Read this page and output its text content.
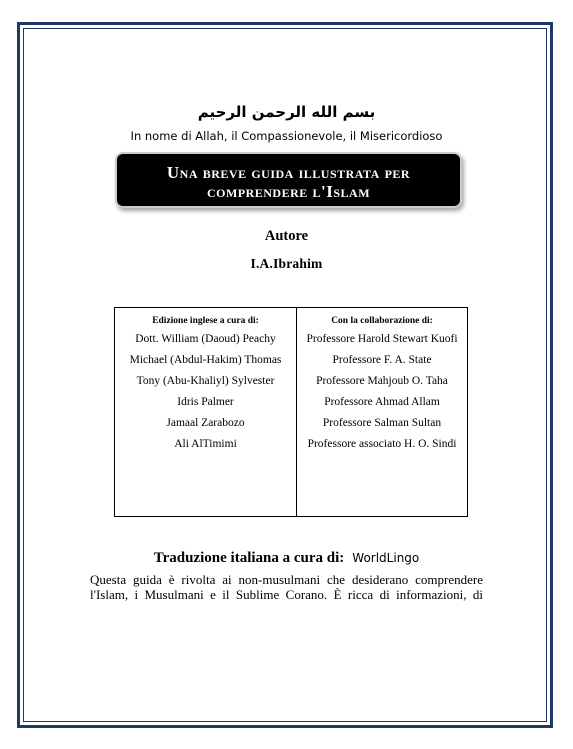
بسم الله الرحمن الرحيم
In nome di Allah, il Compassionevole, il Misericordioso
Una breve guida illustrata per
comprendere l'Islam
Autore
I.A.Ibrahim
Edizione inglese a cura di:
Dott. William (Daoud) Peachy
Michael (Abdul-Hakim) Thomas
Tony (Abu-Khaliyl) Sylvester
Idris Palmer
Jamaal Zarabozo
Ali AlTimimi
Con la collaborazione di:
Professore Harold Stewart Kuofi
Professore F. A. State
Professore Mahjoub O. Taha
Professore Ahmad Allam
Professore Salman Sultan
Professore associato H. O. Sindi
Traduzione italiana a cura di: WorldLingo

Questa guida è rivolta ai non-musulmani che desiderano comprendere

l'Islam, i Musulmani e il Sublime Corano. È ricca di informazioni, di
